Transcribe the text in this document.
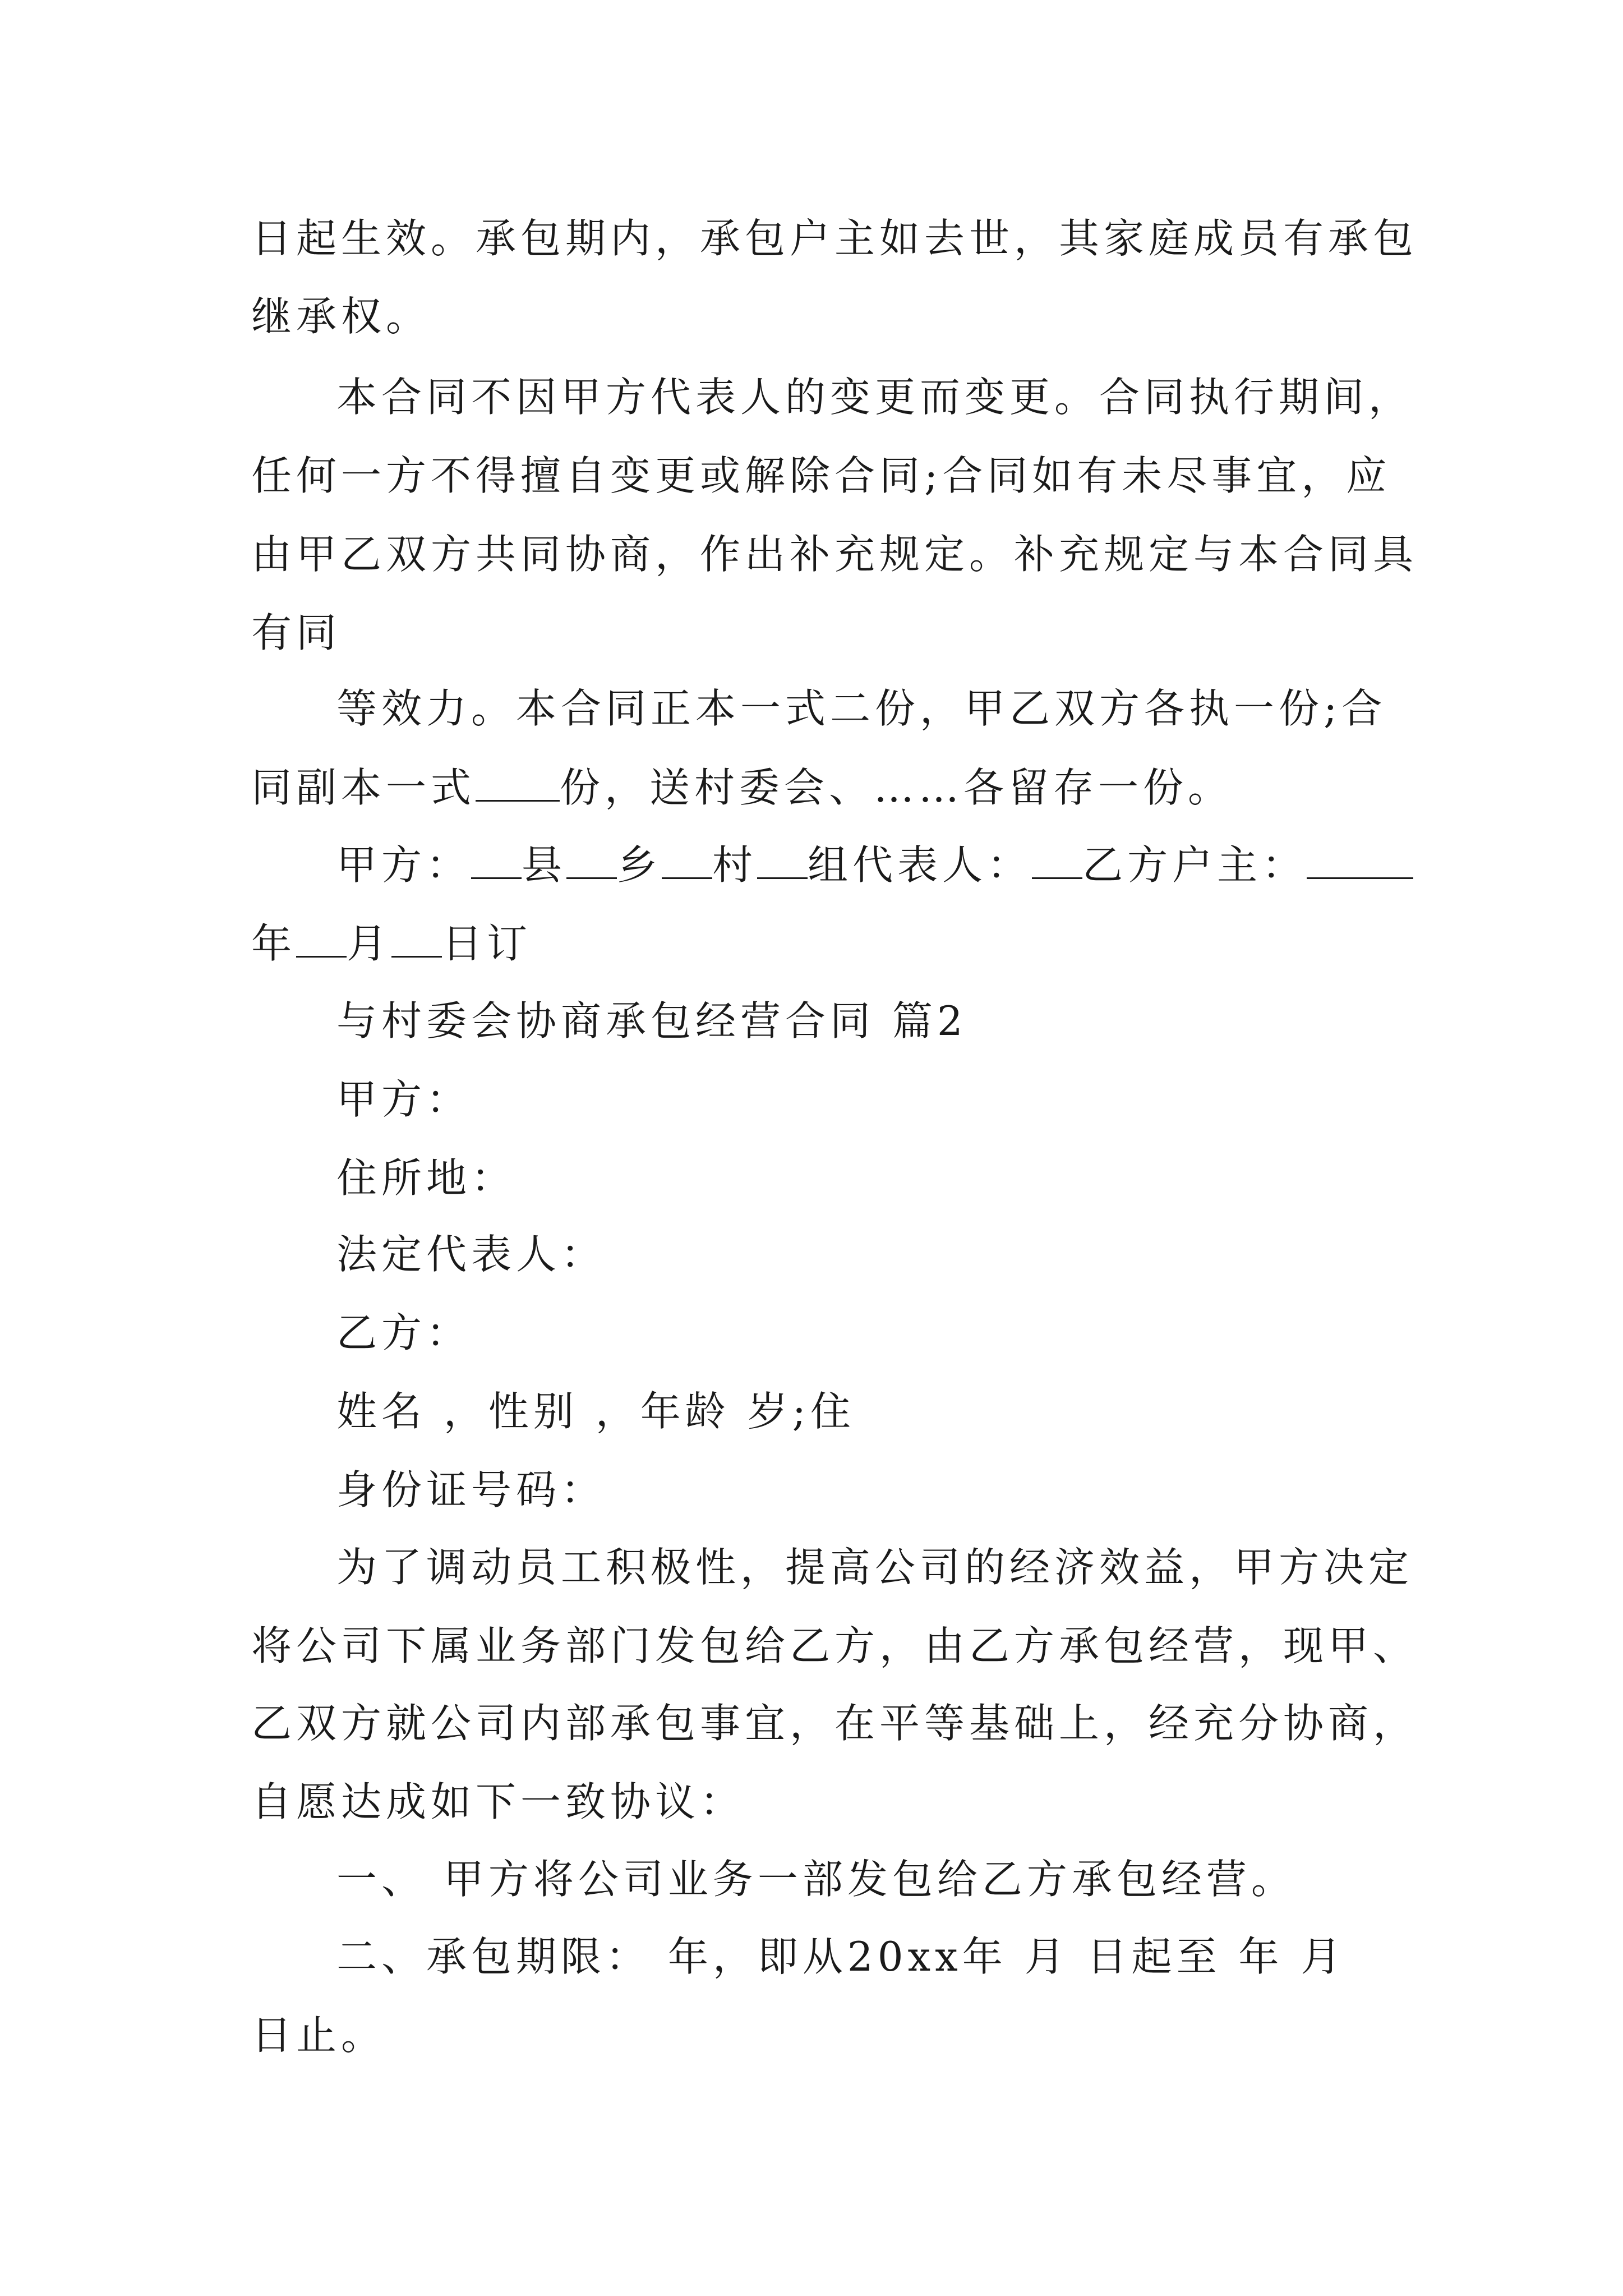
日起生效。承包期内，承包户主如去世，其家庭成员有承包
继承权。
本合同不因甲方代表人的变更而变更。合同执行期间，
任何一方不得擅自变更或解除合同;合同如有未尽事宜，应
由甲乙双方共同协商，作出补充规定。补充规定与本合同具
有同
等效力。本合同正本一式二份，甲乙双方各执一份;合
同副本一式 份，送村委会、……各留存一份。
甲方： 县 乡 村 组代表人： 乙方户主：
年 月 日订
与村委会协商承包经营合同 篇2
甲方：
住所地：
法定代表人：
乙方：
姓名 ，性别 ，年龄 岁;住
身份证号码：
为了调动员工积极性，提高公司的经济效益，甲方决定
将公司下属业务部门发包给乙方，由乙方承包经营，现甲、
乙双方就公司内部承包事宜，在平等基础上，经充分协商，
自愿达成如下一致协议：
一、 甲方将公司业务一部发包给乙方承包经营。
二、承包期限： 年，即从20xx年 月 日起至 年 月
日止。
